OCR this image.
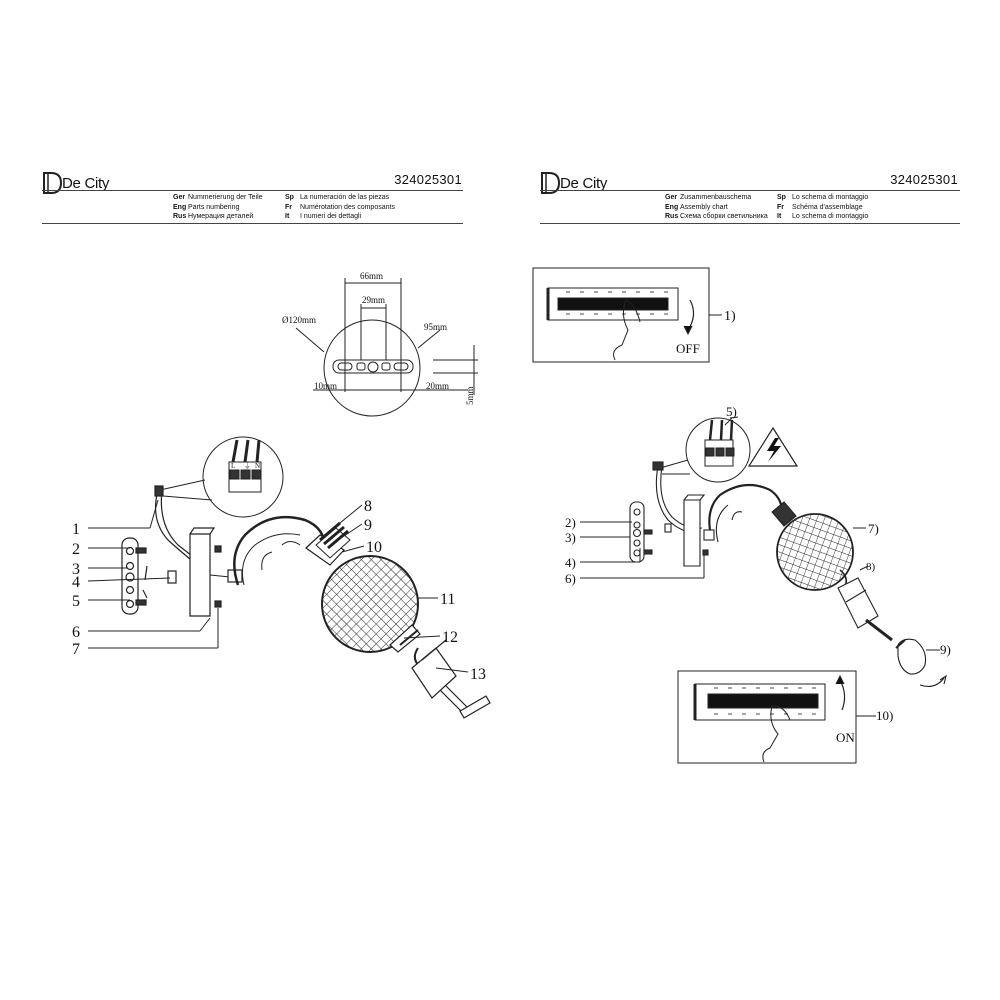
De City	324025301
Ger Nummerierung der Teile
Eng Parts numbering
Rus Нумерация деталей
Sp La numeración de las piezas
Fr Numérotation des composants
It I numeri dei dettagli
De City	324025301
Ger Zusammenbauschema
Eng Assembly chart
Rus Схема сборки светильника
Sp Lo schema di montaggio
Fr Schéma d'assemblage
It Lo schema di montaggio
66mm
29mm
Ø120mm
95mm
10mm	20mm
5mm
L ⏚ N
1
2
3
4
5
6
7
8
9
10
11
12
13
1)
OFF
2)
3)
4)
5)
6)
7)
8)
9)
10)
ON
